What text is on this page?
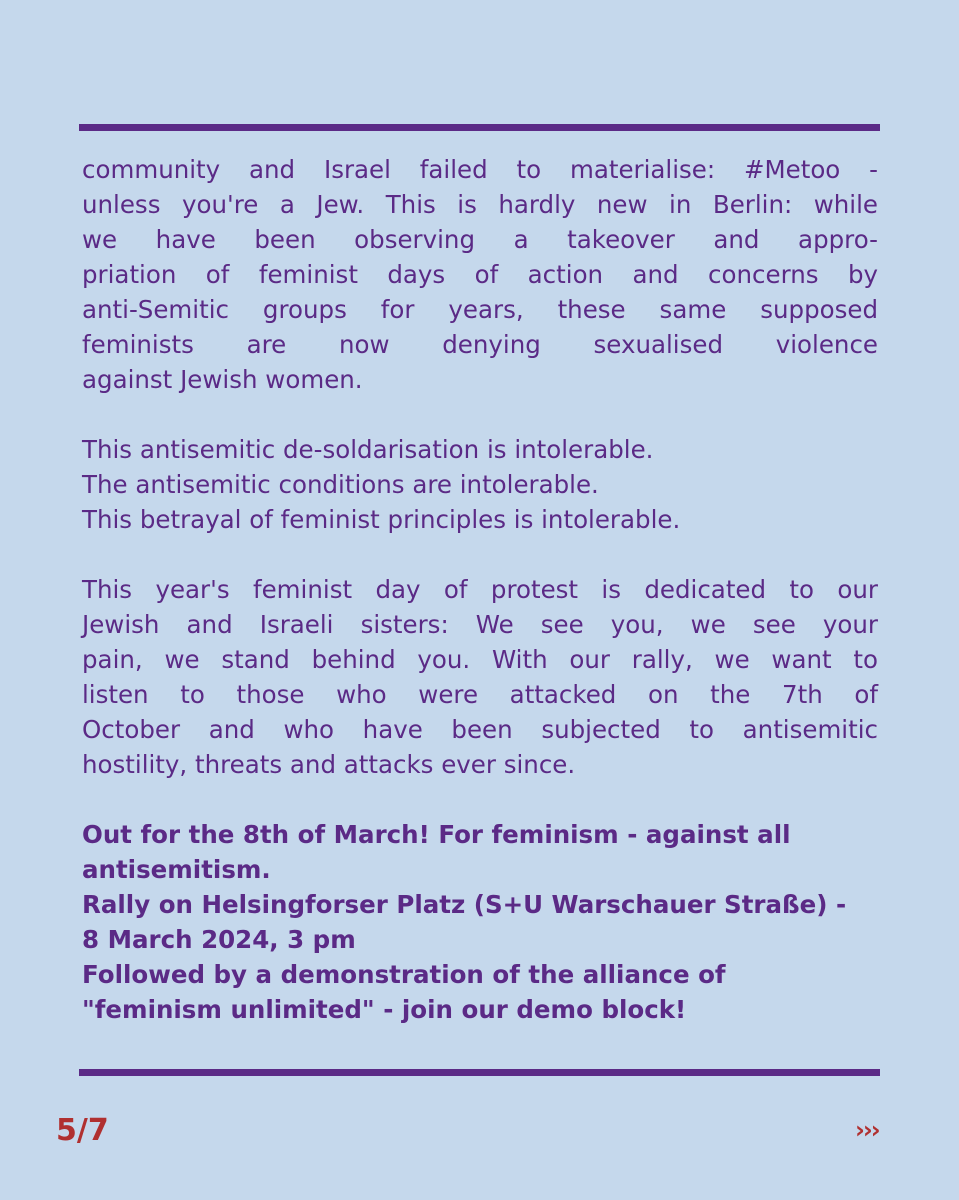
community and Israel failed to materialise: #Metoo -
unless you're a Jew. This is hardly new in Berlin: while
we have been observing a takeover and appro-
priation of feminist days of action and concerns by
anti-Semitic groups for years, these same supposed
feminists are now denying sexualised violence
against Jewish women.
This antisemitic de-soldarisation is intolerable.
The antisemitic conditions are intolerable.
This betrayal of feminist principles is intolerable.
This year's feminist day of protest is dedicated to our
Jewish and Israeli sisters: We see you, we see your
pain, we stand behind you. With our rally, we want to
listen to those who were attacked on the 7th of
October and who have been subjected to antisemitic
hostility, threats and attacks ever since.
Out for the 8th of March! For feminism - against all
antisemitism.
Rally on Helsingforser Platz (S+U Warschauer Straße) -
8 March 2024, 3 pm
Followed by a demonstration of the alliance of
"feminism unlimited" - join our demo block!
5/7	›››
